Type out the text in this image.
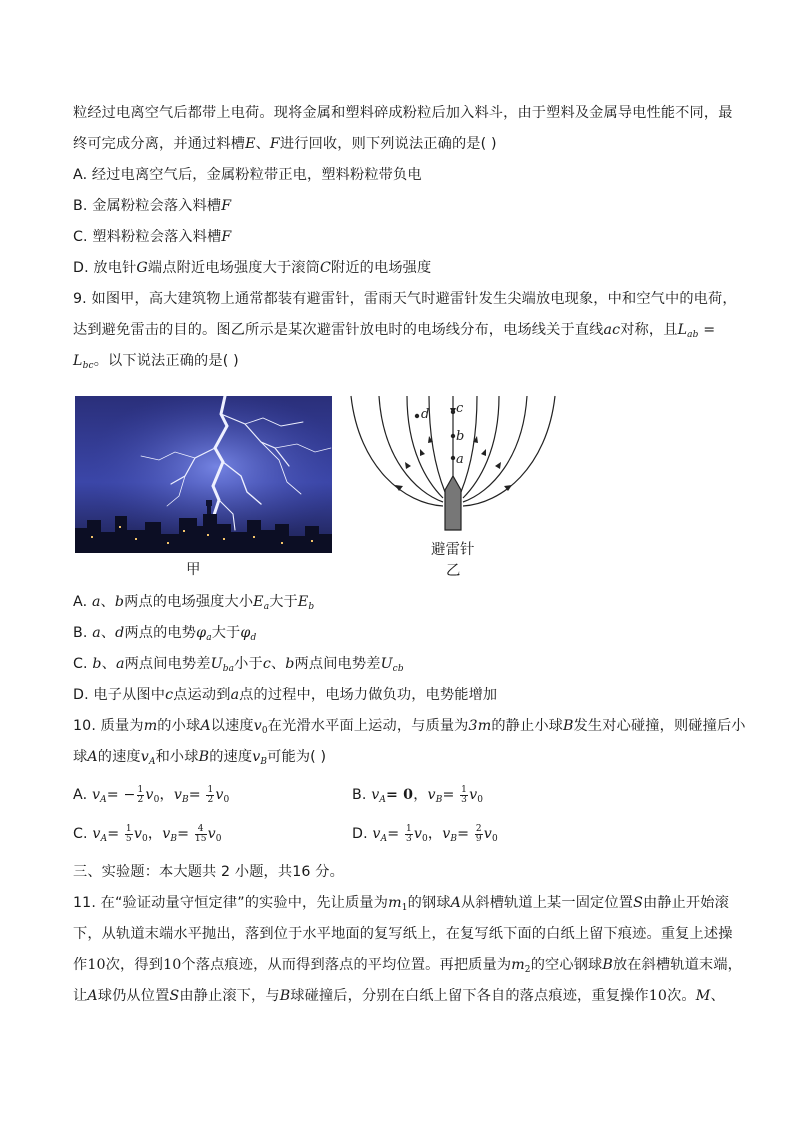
粒经过电离空气后都带上电荷。现将金属和塑料碎成粉粒后加入料斗，由于塑料及金属导电性能不同，最
终可完成分离，并通过料槽E、F进行回收，则下列说法正确的是( )
A. 经过电离空气后，金属粉粒带正电，塑料粉粒带负电
B. 金属粉粒会落入料槽F
C. 塑料粉粒会落入料槽F
D. 放电针G端点附近电场强度大于滚筒C附近的电场强度
9. 如图甲，高大建筑物上通常都装有避雷针，雷雨天气时避雷针发生尖端放电现象，中和空气中的电荷，
达到避免雷击的目的。图乙所示是某次避雷针放电时的电场线分布，电场线关于直线ac对称，且$L_{ab}$ =
$L_{bc}$。以下说法正确的是( )
甲
c
b
a
d
避雷针
乙
A. a、b两点的电场强度大小$E_a$大于$E_b$
B. a、d两点的电势$\varphi_a$大于$\varphi_d$
C. b、a两点间电势差$U_{ba}$小于c、b两点间电势差$U_{cb}$
D. 电子从图中c点运动到a点的过程中，电场力做负功，电势能增加
10. 质量为m的小球A以速度$v_0$在光滑水平面上运动，与质量为3m的静止小球B发生对心碰撞，则碰撞后小
球A的速度$v_A$和小球B的速度$v_B$可能为( )
A. $v_A= - \frac{1}{2} v_0$，$v_B= \frac{1}{2} v_0$	B. $v_A= 0$，$v_B= \frac{1}{3} v_0$
C. $v_A= \frac{1}{5} v_0$，$v_B= \frac{4}{15} v_0$	D. $v_A= \frac{1}{3} v_0$，$v_B= \frac{2}{9} v_0$
三、实验题：本大题共 2 小题，共16 分。
11. 在“验证动量守恒定律”的实验中，先让质量为$m_1$的钢球A从斜槽轨道上某一固定位置S由静止开始滚
下，从轨道末端水平抛出，落到位于水平地面的复写纸上，在复写纸下面的白纸上留下痕迹。重复上述操
作10次，得到10个落点痕迹，从而得到落点的平均位置。再把质量为$m_2$的空心钢球B放在斜槽轨道末端，
让A球仍从位置S由静止滚下，与B球碰撞后，分别在白纸上留下各自的落点痕迹，重复操作10次。M、
